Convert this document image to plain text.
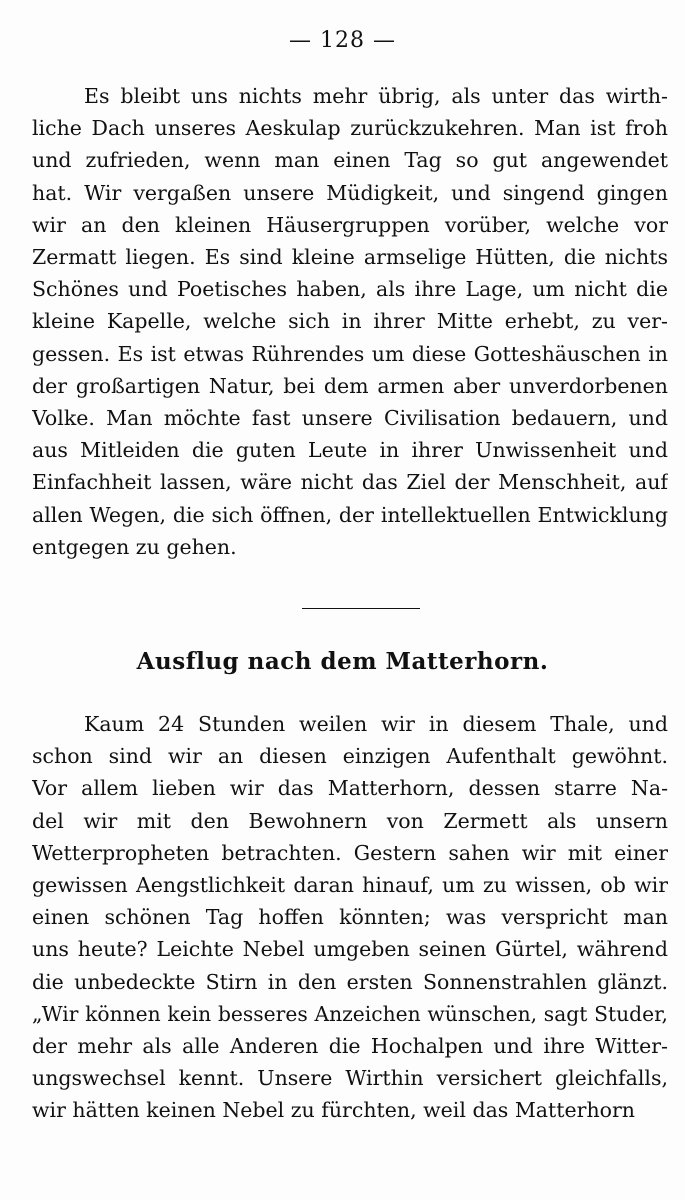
— 128 —
Es bleibt uns nichts mehr übrig, als unter das wirth-
liche Dach unseres Aeskulap zurückzukehren. Man ist froh
und zufrieden, wenn man einen Tag so gut angewendet
hat. Wir vergaßen unsere Müdigkeit, und singend gingen
wir an den kleinen Häusergruppen vorüber, welche vor
Zermatt liegen. Es sind kleine armselige Hütten, die nichts
Schönes und Poetisches haben, als ihre Lage, um nicht die
kleine Kapelle, welche sich in ihrer Mitte erhebt, zu ver-
gessen. Es ist etwas Rührendes um diese Gotteshäuschen in
der großartigen Natur, bei dem armen aber unverdorbenen
Volke. Man möchte fast unsere Civilisation bedauern, und
aus Mitleiden die guten Leute in ihrer Unwissenheit und
Einfachheit lassen, wäre nicht das Ziel der Menschheit, auf
allen Wegen, die sich öffnen, der intellektuellen Entwicklung
entgegen zu gehen.
Ausflug nach dem Matterhorn.
Kaum 24 Stunden weilen wir in diesem Thale, und
schon sind wir an diesen einzigen Aufenthalt gewöhnt.
Vor allem lieben wir das Matterhorn, dessen starre Na-
del wir mit den Bewohnern von Zermett als unsern
Wetterpropheten betrachten. Gestern sahen wir mit einer
gewissen Aengstlichkeit daran hinauf, um zu wissen, ob wir
einen schönen Tag hoffen könnten; was verspricht man
uns heute? Leichte Nebel umgeben seinen Gürtel, während
die unbedeckte Stirn in den ersten Sonnenstrahlen glänzt.
„Wir können kein besseres Anzeichen wünschen, sagt Studer,
der mehr als alle Anderen die Hochalpen und ihre Witter-
ungswechsel kennt. Unsere Wirthin versichert gleichfalls,
wir hätten keinen Nebel zu fürchten, weil das Matterhorn
